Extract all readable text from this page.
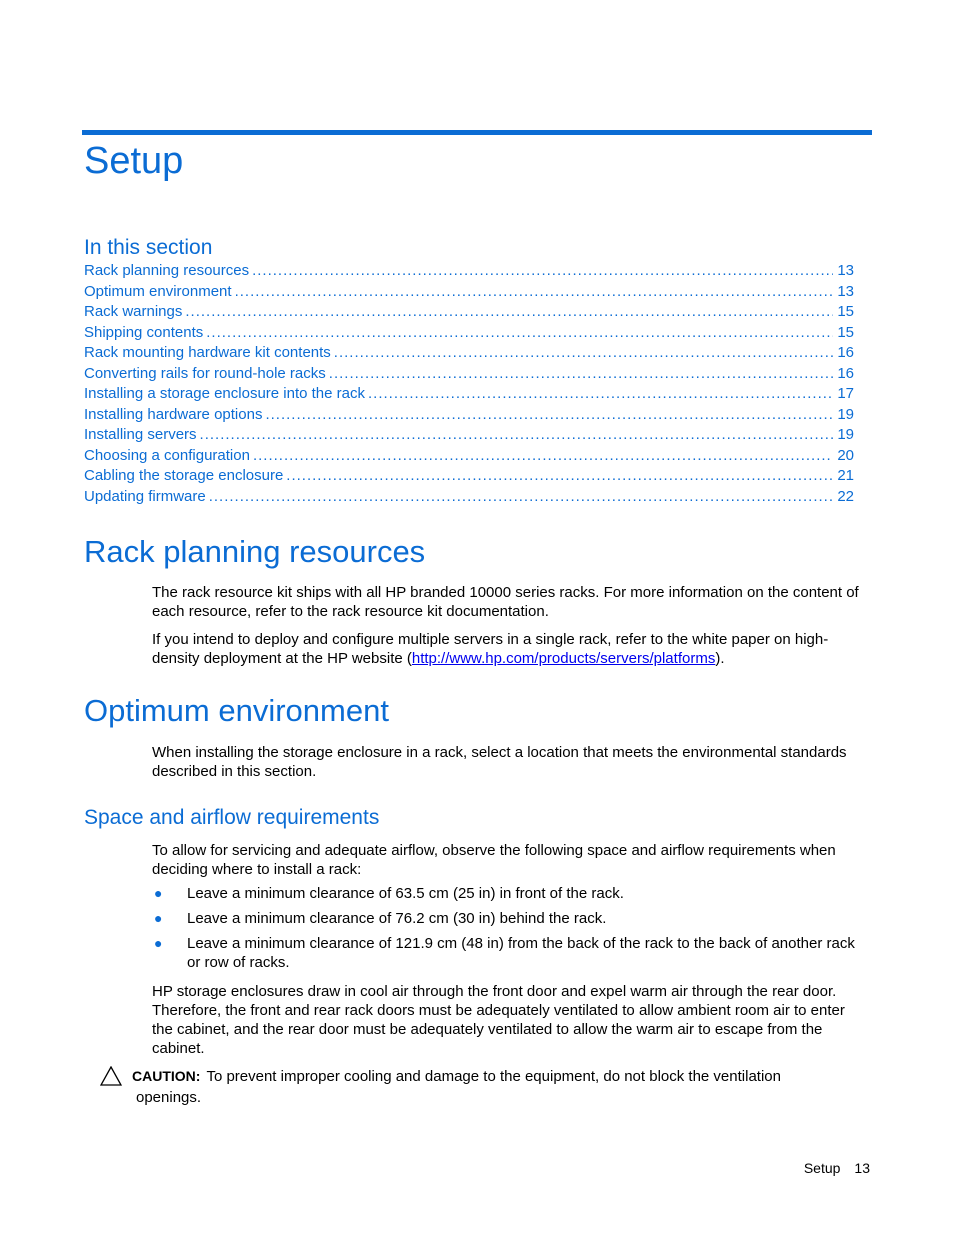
Setup
In this section
Rack planning resources .....	13
Optimum environment .....	13
Rack warnings .....	15
Shipping contents .....	15
Rack mounting hardware kit contents .....	16
Converting rails for round-hole racks .....	16
Installing a storage enclosure into the rack .....	17
Installing hardware options .....	19
Installing servers .....	19
Choosing a configuration .....	20
Cabling the storage enclosure .....	21
Updating firmware .....	22
Rack planning resources

The rack resource kit ships with all HP branded 10000 series racks. For more information on the content of each resource, refer to the rack resource kit documentation.

If you intend to deploy and configure multiple servers in a single rack, refer to the white paper on high-density deployment at the HP website (http://www.hp.com/products/servers/platforms).

Optimum environment

When installing the storage enclosure in a rack, select a location that meets the environmental standards described in this section.

Space and airflow requirements

To allow for servicing and adequate airflow, observe the following space and airflow requirements when deciding where to install a rack:

● Leave a minimum clearance of 63.5 cm (25 in) in front of the rack.
● Leave a minimum clearance of 76.2 cm (30 in) behind the rack.
● Leave a minimum clearance of 121.9 cm (48 in) from the back of the rack to the back of another rack or row of racks.

HP storage enclosures draw in cool air through the front door and expel warm air through the rear door. Therefore, the front and rear rack doors must be adequately ventilated to allow ambient room air to enter the cabinet, and the rear door must be adequately ventilated to allow the warm air to escape from the cabinet.

CAUTION: To prevent improper cooling and damage to the equipment, do not block the ventilation
openings.
Setup 13
